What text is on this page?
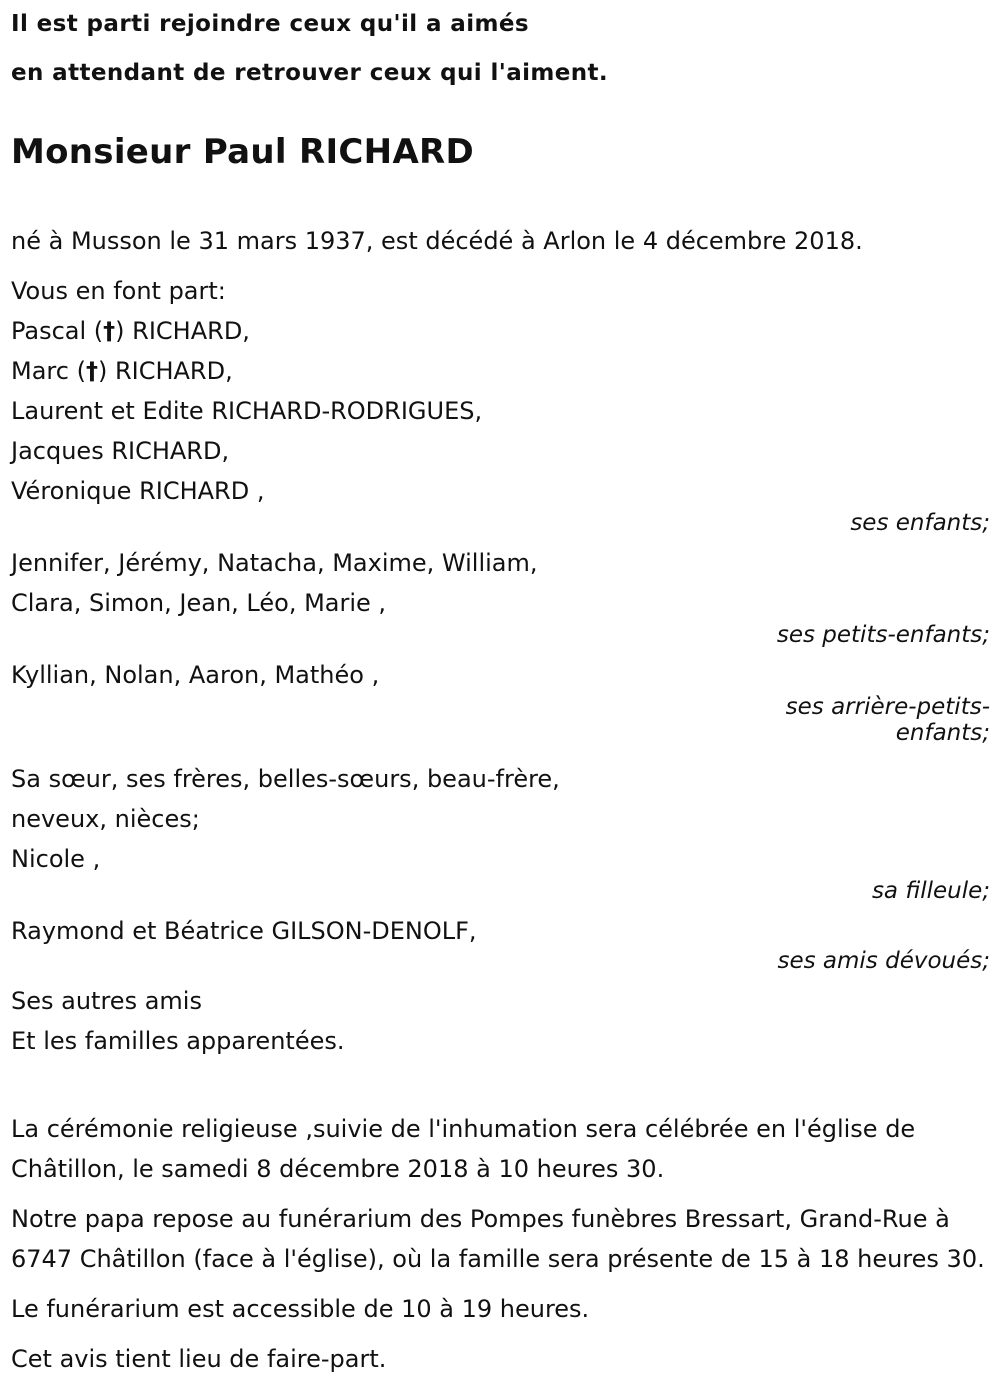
Il est parti rejoindre ceux qu'il a aimés
en attendant de retrouver ceux qui l'aiment.

Monsieur Paul RICHARD

né à Musson le 31 mars 1937, est décédé à Arlon le 4 décembre 2018.

Vous en font part:
Pascal (†) RICHARD,
Marc (†) RICHARD,
Laurent et Edite RICHARD-RODRIGUES,
Jacques RICHARD,
Véronique RICHARD ,
ses enfants;
Jennifer, Jérémy, Natacha, Maxime, William,
Clara, Simon, Jean, Léo, Marie ,
ses petits-enfants;
Kyllian, Nolan, Aaron, Mathéo ,
ses arrière-petits-
enfants;
Sa sœur, ses frères, belles-sœurs, beau-frère,
neveux, nièces;
Nicole ,
sa filleule;
Raymond et Béatrice GILSON-DENOLF,
ses amis dévoués;
Ses autres amis
Et les familles apparentées.

La cérémonie religieuse ,suivie de l'inhumation sera célébrée en l'église de Châtillon, le samedi 8 décembre 2018 à 10 heures 30.

Notre papa repose au funérarium des Pompes funèbres Bressart, Grand-Rue à 6747 Châtillon (face à l'église), où la famille sera présente de 15 à 18 heures 30.

Le funérarium est accessible de 10 à 19 heures.

Cet avis tient lieu de faire-part.
